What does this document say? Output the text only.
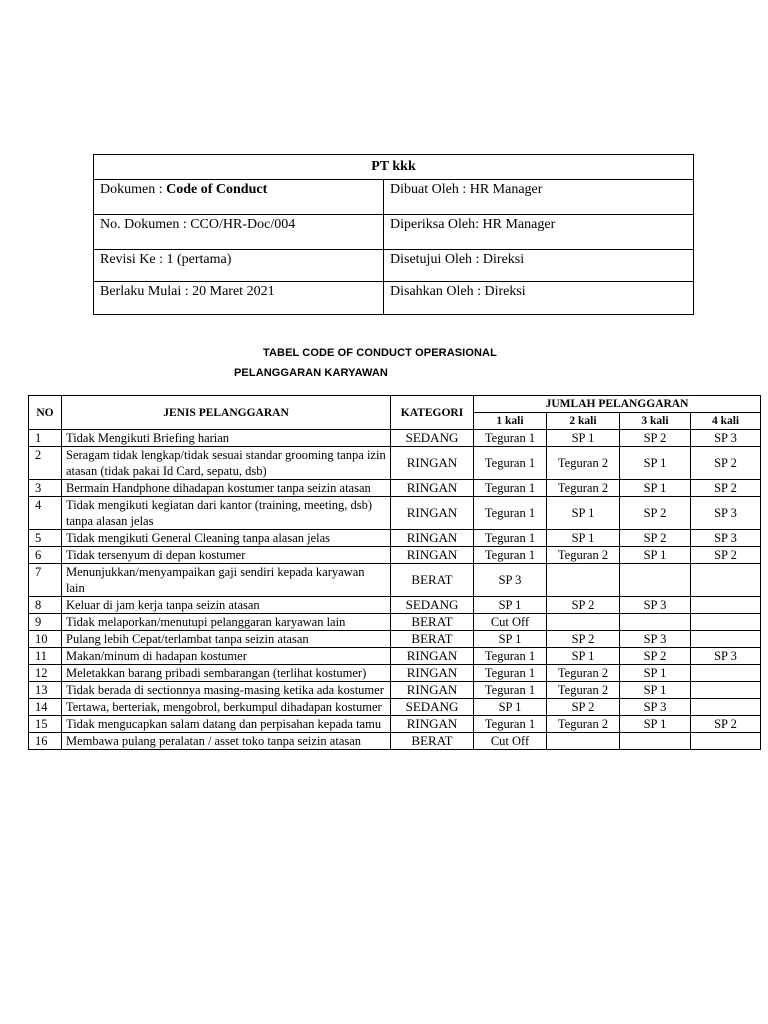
PT kkk	

Dokumen : Code of Conduct	Dibuat Oleh : HR Manager

No. Dokumen : CCO/HR-Doc/004	Diperiksa Oleh: HR Manager

Revisi Ke : 1 (pertama)	Disetujui Oleh : Direksi

Berlaku Mulai : 20 Maret 2021	Disahkan Oleh : Direksi
TABEL CODE OF CONDUCT OPERASIONAL
PELANGGARAN KARYAWAN
NO	JENIS PELANGGARAN	KATEGORI	JUMLAH PELANGGARAN			
			1 kali	2 kali	3 kali	4 kali
1	Tidak Mengikuti Briefing harian	SEDANG	Teguran 1	SP 1	SP 2	SP 3
2	Seragam tidak lengkap/tidak sesuai standar grooming tanpa izin atasan (tidak pakai Id Card, sepatu, dsb)	RINGAN	Teguran 1	Teguran 2	SP 1	SP 2
3	Bermain Handphone dihadapan kostumer tanpa seizin atasan	RINGAN	Teguran 1	Teguran 2	SP 1	SP 2
4	Tidak mengikuti kegiatan dari kantor (training, meeting, dsb) tanpa alasan jelas	RINGAN	Teguran 1	SP 1	SP 2	SP 3
5	Tidak mengikuti General Cleaning tanpa alasan jelas	RINGAN	Teguran 1	SP 1	SP 2	SP 3
6	Tidak tersenyum di depan kostumer	RINGAN	Teguran 1	Teguran 2	SP 1	SP 2
7	Menunjukkan/menyampaikan gaji sendiri kepada karyawan lain	BERAT	SP 3			
8	Keluar di jam kerja tanpa seizin atasan	SEDANG	SP 1	SP 2	SP 3	
9	Tidak melaporkan/menutupi pelanggaran karyawan lain	BERAT	Cut Off			
10	Pulang lebih Cepat/terlambat tanpa seizin atasan	BERAT	SP 1	SP 2	SP 3	
11	Makan/minum di hadapan kostumer	RINGAN	Teguran 1	SP 1	SP 2	SP 3
12	Meletakkan barang pribadi sembarangan (terlihat kostumer)	RINGAN	Teguran 1	Teguran 2	SP 1	
13	Tidak berada di sectionnya masing-masing ketika ada kostumer	RINGAN	Teguran 1	Teguran 2	SP 1	
14	Tertawa, berteriak, mengobrol, berkumpul dihadapan kostumer	SEDANG	SP 1	SP 2	SP 3	
15	Tidak mengucapkan salam datang dan perpisahan kepada tamu	RINGAN	Teguran 1	Teguran 2	SP 1	SP 2
16	Membawa pulang peralatan / asset toko tanpa seizin atasan	BERAT	Cut Off			
